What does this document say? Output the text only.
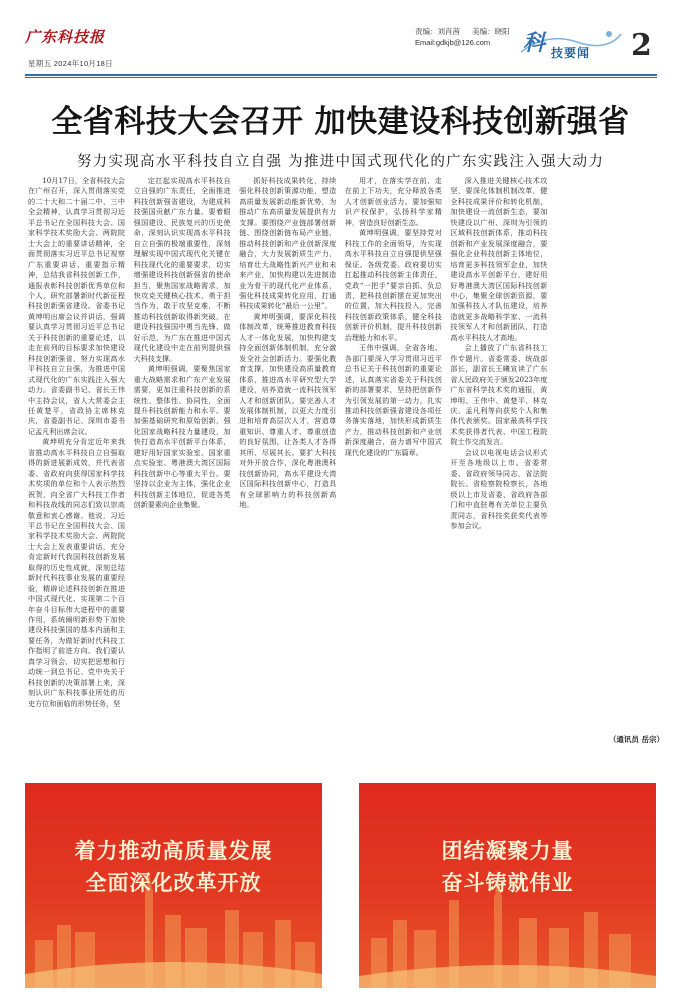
广东科技报
星期五 2024年10月18日
责编：刘肖茜 美编：晓阳
Email:gdkjb@126.com	科 技要闻 2
全省科技大会召开 加快建设科技创新强省
努力实现高水平科技自立自强 为推进中国式现代化的广东实践注入强大动力

10月17日，全省科技大会在广州召开，深入贯彻落实党的二十大和二十届二中、三中全会精神，认真学习贯彻习近平总书记在全国科技大会、国家科学技术奖励大会、两院院士大会上的重要讲话精神，全面贯彻落实习近平总书记视察广东重要讲话、重要指示精神，总结我省科技创新工作，通报表彰科技创新优秀单位和个人，研究部署新时代新征程科技创新强省建设。省委书记黄坤明出席会议并讲话，强调要认真学习贯彻习近平总书记关于科技创新的重要论述，以走在前列的目标要求加快建设科技创新强省，努力实现高水平科技自立自强，为推进中国式现代化的广东实践注入强大动力。省委副书记、省长王伟中主持会议，省人大常委会主任黄楚平，省政协主席林克庆，省委副书记、深圳市委书记孟凡利出席会议。

黄坤明充分肯定近年来我省推动高水平科技自立自强取得的新进展新成效，并代表省委、省政府向获得国家科学技术奖项的单位和个人表示热烈祝贺，向全省广大科技工作者和科技战线的同志们致以崇高敬意和衷心感谢。他说，习近平总书记在全国科技大会、国家科学技术奖励大会、两院院士大会上发表重要讲话，充分肯定新时代我国科技创新发展取得的历史性成就，深刻总结新时代科技事业发展的重要经验，精辟论述科技创新在推进中国式现代化、实现第二个百年奋斗目标伟大进程中的重要作用，系统阐明新形势下加快建设科技强国的基本内涵和主要任务，为做好新时代科技工作指明了前进方向。我们要认真学习领会，切实把思想和行动统一到总书记、党中央关于科技创新的决策部署上来，深刻认识广东科技事业所处的历史方位和面临的形势任务，坚

定扛起实现高水平科技自立自强的广东责任，全面推进科技创新强省建设，为建成科技强国贡献广东力量。要着眼强国建设、民族复兴的历史使命，深刻认识实现高水平科技自立自强的极端重要性，深刻理解实现中国式现代化关键在科技现代化的重要要求，切实增强建设科技创新强省的使命担当，聚焦国家战略需求，加快攻克关键核心技术，勇于担当作为，敢于攻坚克难，不断推动科技创新取得新突破，在建设科技强国中勇当先锋、做好示范，为广东在推进中国式现代化建设中走在前列提供强大科技支撑。

黄坤明强调，要聚焦国家重大战略需求和广东产业发展需要，更加注重科技创新的系统性、整体性、协同性，全面提升科技创新能力和水平。要加强基础研究和原始创新，强化国家战略科技力量建设，加快打造高水平创新平台体系，建好用好国家实验室、国家重点实验室、粤港澳大湾区国际科技创新中心等重大平台。要坚持以企业为主体，强化企业科技创新主体地位，促进各类创新要素向企业集聚。

抓好科技成果转化，持续强化科技创新策源功能，塑造高质量发展新动能新优势，为推动广东高质量发展提供有力支撑。要围绕产业链部署创新链、围绕创新链布局产业链，推动科技创新和产业创新深度融合，大力发展新质生产力，培育壮大战略性新兴产业和未来产业，加快构建以先进制造业为骨干的现代化产业体系，强化科技成果转化应用，打通科技成果转化“最后一公里”。

黄坤明强调，要深化科技体制改革，统筹推进教育科技人才一体化发展，加快构建支持全面创新体制机制，充分激发全社会创新活力。要强化教育支撑，加快建设高质量教育体系，推进高水平研究型大学建设，培养造就一流科技领军人才和创新团队。要完善人才发展体制机制，以更大力度引进和培育高层次人才，营造尊重知识、尊重人才、尊重创造的良好氛围，让各类人才各得其所、尽展其长。要扩大科技对外开放合作，深化粤港澳科技创新协同，高水平建设大湾区国际科技创新中心，打造具有全球影响力的科技创新高地。

用才，在落实学在前、走在前上下功夫，充分释放各类人才创新创业活力。要加强知识产权保护，弘扬科学家精神，营造良好创新生态。

黄坤明强调，要坚持党对科技工作的全面领导，为实现高水平科技自立自强提供坚强保证。各级党委、政府要切实扛起推动科技创新主体责任，党政“一把手”要亲自抓、负总责，把科技创新摆在更加突出的位置，加大科技投入，完善科技创新政策体系，健全科技创新评价机制，提升科技创新治理能力和水平。

王伟中强调，全省各地、各部门要深入学习贯彻习近平总书记关于科技创新的重要论述，认真落实省委关于科技创新的部署要求，坚持把创新作为引领发展的第一动力，扎实推动科技创新强省建设各项任务落实落地，加快形成新质生产力，推动科技创新和产业创新深度融合，奋力谱写中国式现代化建设的广东篇章。

深入推进关键核心技术攻坚，要深化体制机制改革，健全科技成果评价和转化机制，加快建设一流创新生态，要加快建设以广州、深圳为引领的区域科技创新体系，推动科技创新和产业发展深度融合，要强化企业科技创新主体地位，培育更多科技领军企业，加快建设高水平创新平台，建好用好粤港澳大湾区国际科技创新中心，集聚全球创新资源，要加强科技人才队伍建设，培养造就更多战略科学家、一流科技领军人才和创新团队，打造高水平科技人才高地。

会上播放了广东省科技工作专题片。省委常委、统战部部长，副省长王曦宣读了广东省人民政府关于颁发2023年度广东省科学技术奖的通报，黄坤明、王伟中、黄楚平、林克庆、孟凡利等向获奖个人和集体代表颁奖。国家最高科学技术奖获得者代表、中国工程院院士作交流发言。

会议以电视电话会议形式开至各地级以上市。省委常委、省政府领导同志，省法院院长、省检察院检察长，各地级以上市及省委、省政府各部门和中直驻粤有关单位主要负责同志，省科技奖获奖代表等参加会议。

（通讯员 岳宗）
着力推动高质量发展
全面深化改革开放
团结凝聚力量
奋斗铸就伟业
